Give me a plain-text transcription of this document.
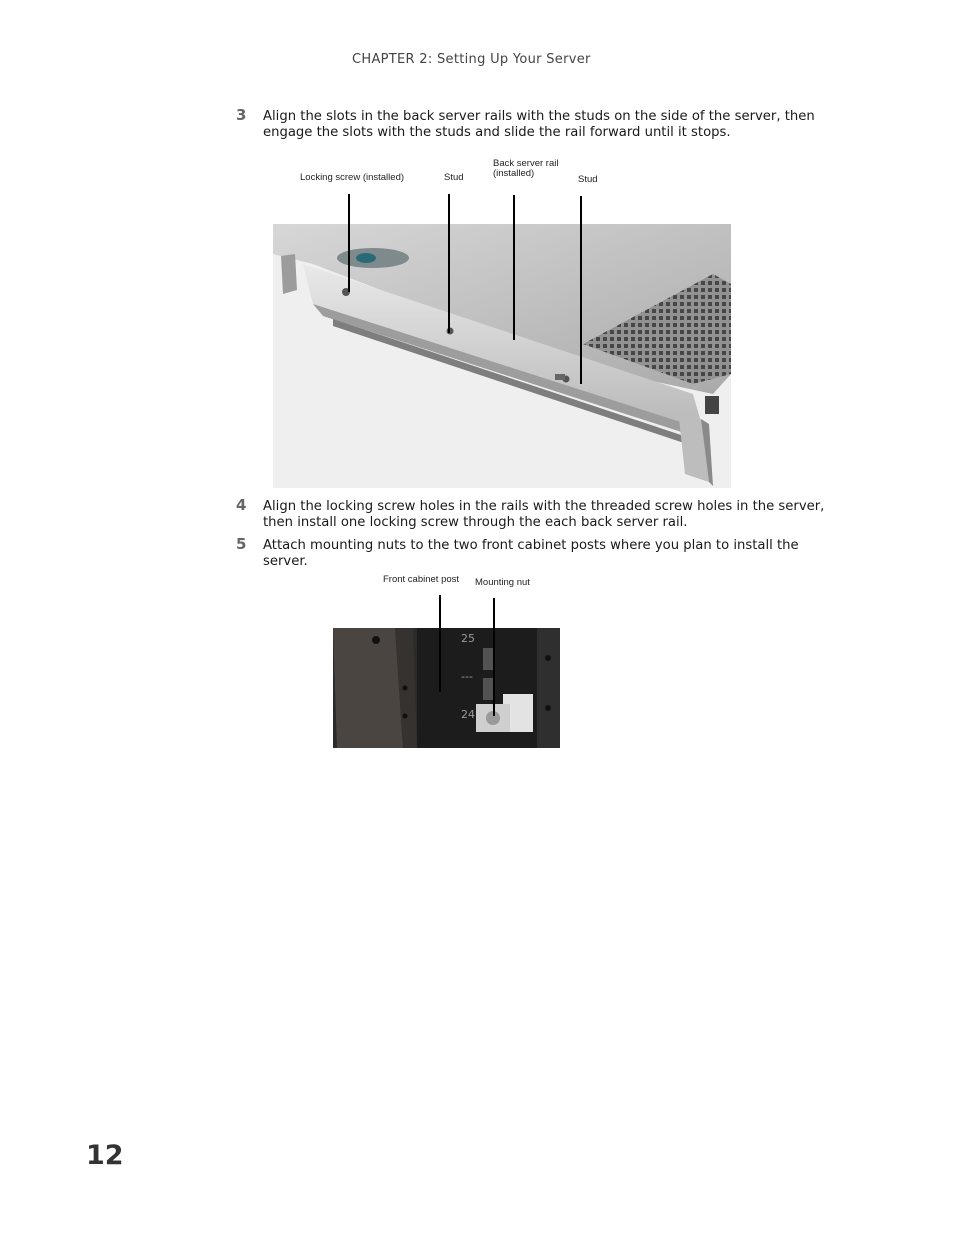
CHAPTER 2: Setting Up Your Server
3 Align the slots in the back server rails with the studs on the side of the server, then engage the slots with the studs and slide the rail forward until it stops.
Locking screw (installed)	Stud
Back server rail
(installed)
Stud
4 Align the locking screw holes in the rails with the threaded screw holes in the server, then install one locking screw through the each back server rail.
5 Attach mounting nuts to the two front cabinet posts where you plan to install the server.
Front cabinet post Mounting nut
25
---
24
12
